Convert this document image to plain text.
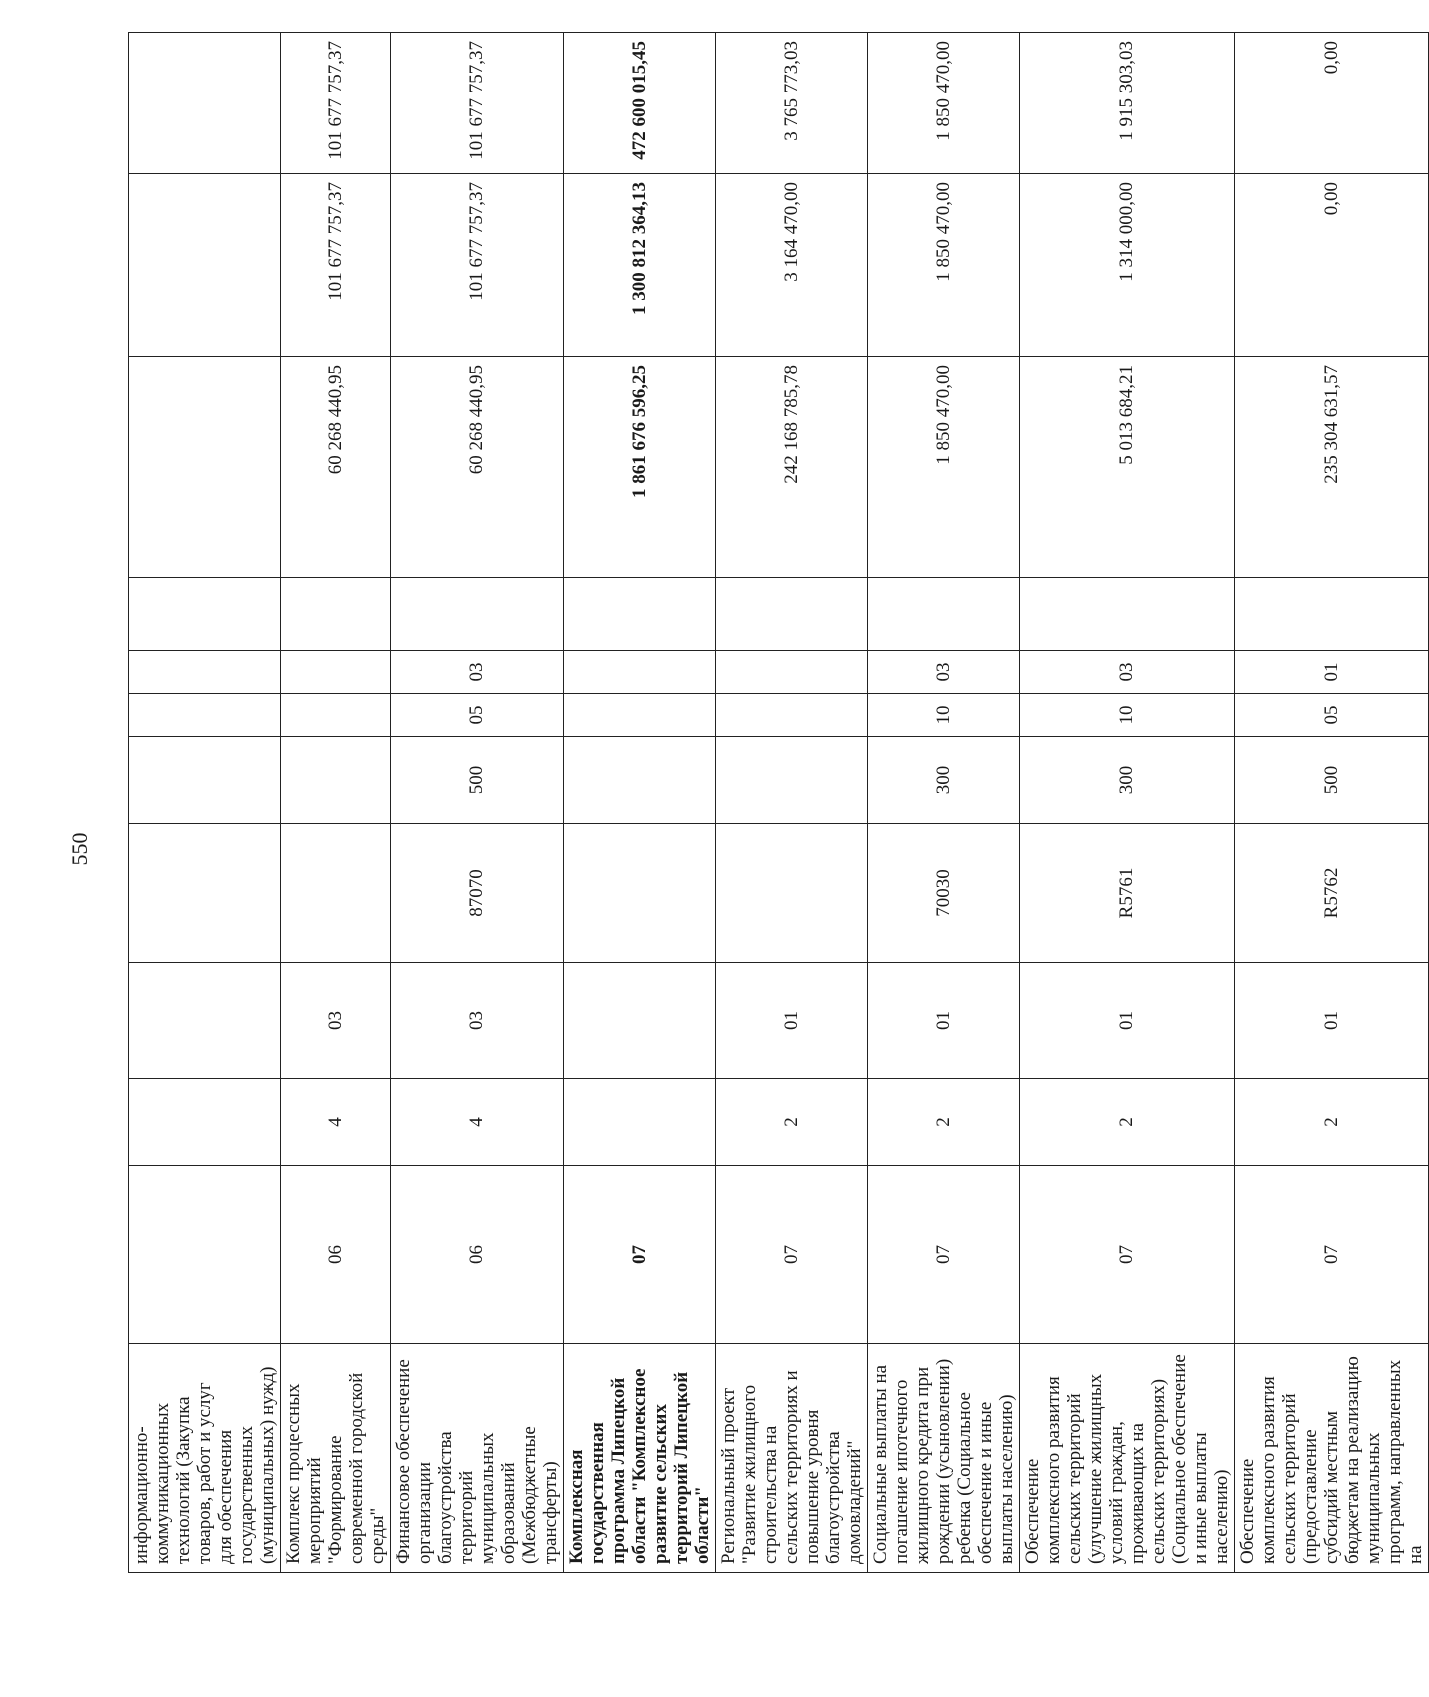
550
информационно-коммуникационных технологий (Закупка товаров, работ и услуг для обеспечения государственных (муниципальных) нужд)											
Комплекс процессных мероприятий "Формирование современной городской среды"	06	4	03						60 268 440,95	101 677 757,37	101 677 757,37
Финансовое обеспечение организации благоустройства территорий муниципальных образований (Межбюджетные трансферты)	06	4	03	87070	500	05	03		60 268 440,95	101 677 757,37	101 677 757,37
Комплексная государственная программа Липецкой области "Комплексное развитие сельских территорий Липецкой области"	07								1 861 676 596,25	1 300 812 364,13	472 600 015,45
Региональный проект "Развитие жилищного строительства на сельских территориях и повышение уровня благоустройства домовладений"	07	2	01						242 168 785,78	3 164 470,00	3 765 773,03
Социальные выплаты на погашение ипотечного жилищного кредита при рождении (усыновлении) ребенка (Социальное обеспечение и иные выплаты населению)	07	2	01	70030	300	10	03		1 850 470,00	1 850 470,00	1 850 470,00
Обеспечение комплексного развития сельских территорий (улучшение жилищных условий граждан, проживающих на сельских территориях) (Социальное обеспечение и иные выплаты населению)	07	2	01	R5761	300	10	03		5 013 684,21	1 314 000,00	1 915 303,03
Обеспечение комплексного развития сельских территорий (предоставление субсидий местным бюджетам на реализацию муниципальных программ, направленных на	07	2	01	R5762	500	05	01		235 304 631,57	0,00	0,00
